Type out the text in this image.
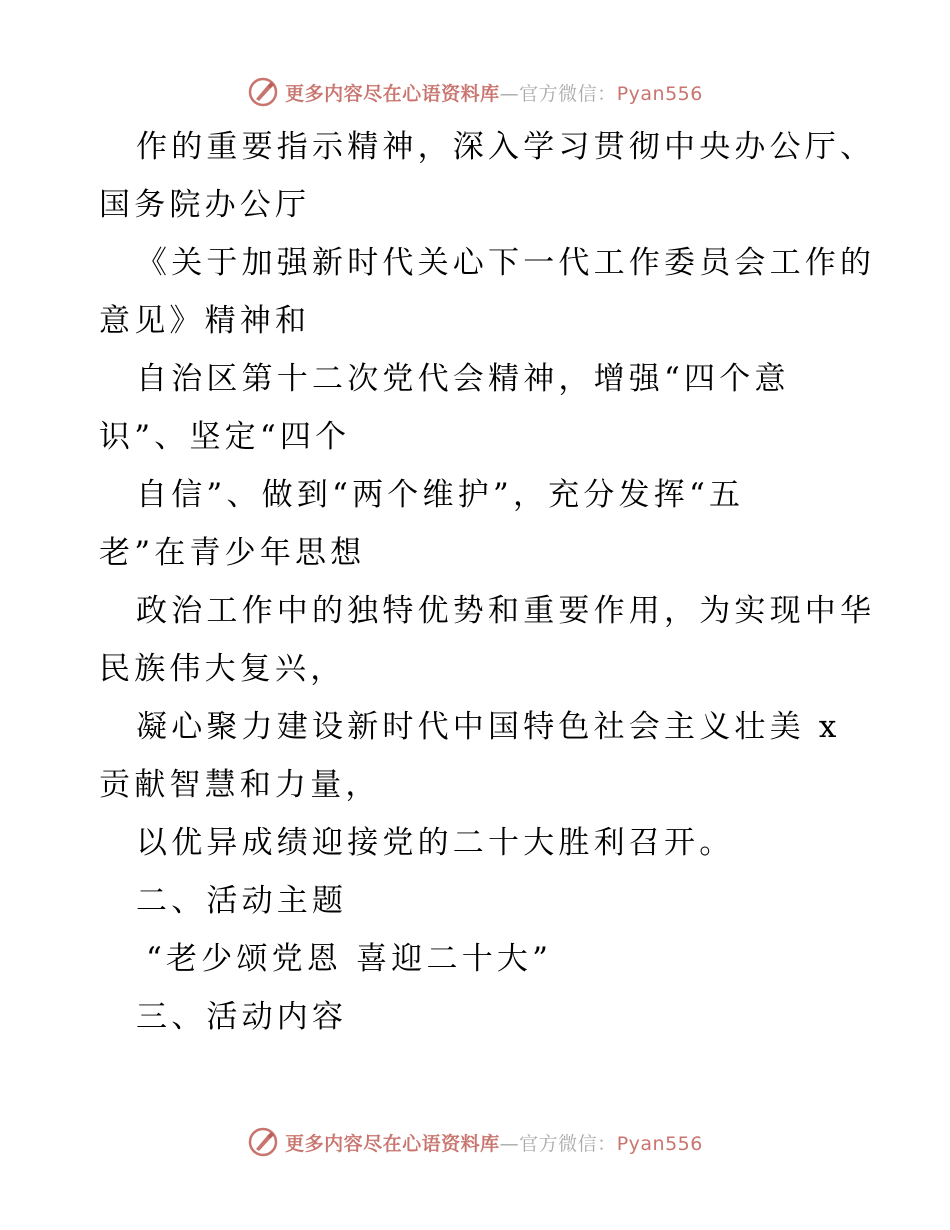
更多内容尽在心语资料库—官方微信：Pyan556
作的重要指示精神，深入学习贯彻中央办公厅、
国务院办公厅
《关于加强新时代关心下一代工作委员会工作的
意见》精神和
自治区第十二次党代会精神，增强“四个意
识”、坚定“四个
自信”、做到“两个维护”，充分发挥“五
老”在青少年思想
政治工作中的独特优势和重要作用，为实现中华
民族伟大复兴，
凝心聚力建设新时代中国特色社会主义壮美 x
贡献智慧和力量，
以优异成绩迎接党的二十大胜利召开。
二、活动主题
“老少颂党恩 喜迎二十大”
三、活动内容
更多内容尽在心语资料库—官方微信：Pyan556
